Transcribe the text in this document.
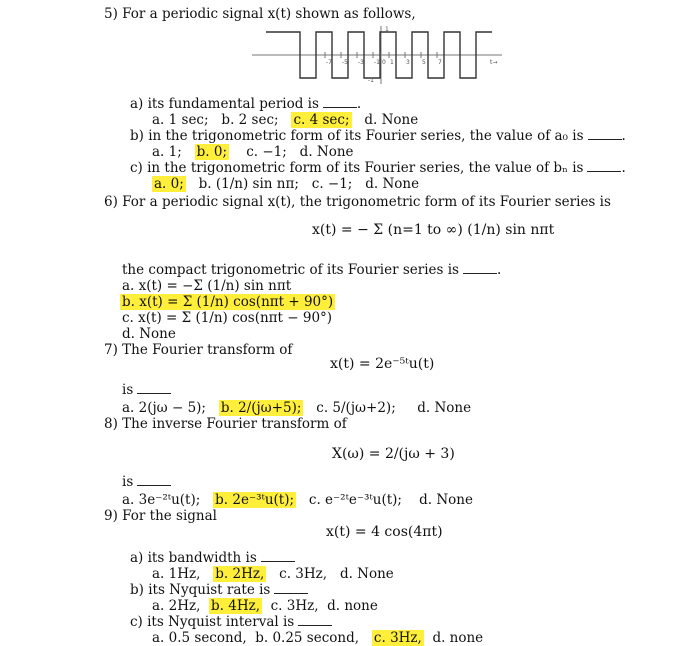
5) For a periodic signal x(t) shown as follows,
-7 -5 -3 -1 0 1 3 5 7
1
-1
t→
a) its fundamental period is	.
a. 1 sec; b. 2 sec; c. 4 sec; d. None
b) in the trigonometric form of its Fourier series, the value of a₀ is	.
a. 1; b. 0; c. −1; d. None
c) in the trigonometric form of its Fourier series, the value of bₙ is	.
a. 0; b. (1/n) sin nπ; c. −1; d. None
6) For a periodic signal x(t), the trigonometric form of its Fourier series is
x(t) = − Σ (n=1 to ∞) (1/n) sin nπt
the compact trigonometric of its Fourier series is	.
a. x(t) = −Σ (1/n) sin nπt
b. x(t) = Σ (1/n) cos(nπt + 90°)
c. x(t) = Σ (1/n) cos(nπt − 90°)
d. None
7) The Fourier transform of
x(t) = 2e⁻⁵ᵗu(t)
is
a. 2(jω − 5); b. 2/(jω+5); c. 5/(jω+2); d. None
8) The inverse Fourier transform of
X(ω) = 2/(jω + 3)
is
a. 3e⁻²ᵗu(t); b. 2e⁻³ᵗu(t); c. e⁻²ᵗe⁻³ᵗu(t); d. None
9) For the signal
x(t) = 4 cos(4πt)
a) its bandwidth is
a. 1Hz, b. 2Hz, c. 3Hz, d. None
b) its Nyquist rate is
a. 2Hz, b. 4Hz, c. 3Hz, d. none
c) its Nyquist interval is
a. 0.5 second, b. 0.25 second, c. 3Hz, d. none
